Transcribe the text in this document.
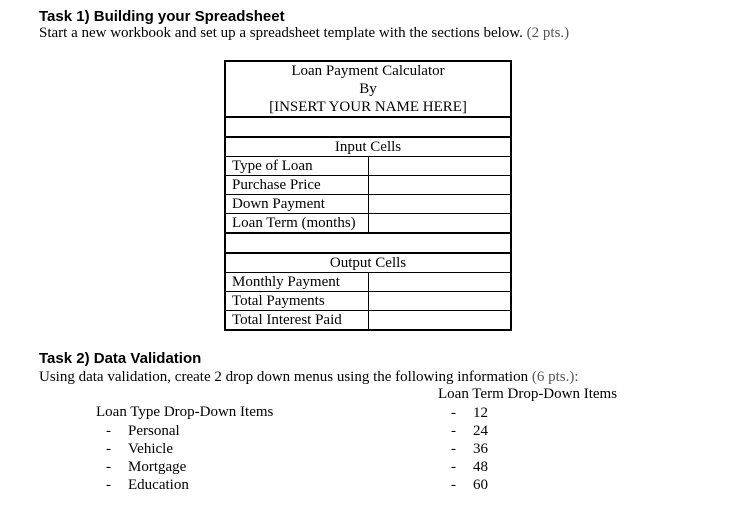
Task 1) Building your Spreadsheet
Start a new workbook and set up a spreadsheet template with the sections below. (2 pts.)
Loan Payment Calculator
By
[INSERT YOUR NAME HERE]
Input Cells
Type of Loan
Purchase Price
Down Payment
Loan Term (months)
Output Cells
Monthly Payment
Total Payments
Total Interest Paid
Task 2) Data Validation
Using data validation, create 2 drop down menus using the following information (6 pts.):
Loan Term Drop-Down Items
Loan Type Drop-Down Items
- Personal
- Vehicle
- Mortgage
- Education
- 12
- 24
- 36
- 48
- 60
